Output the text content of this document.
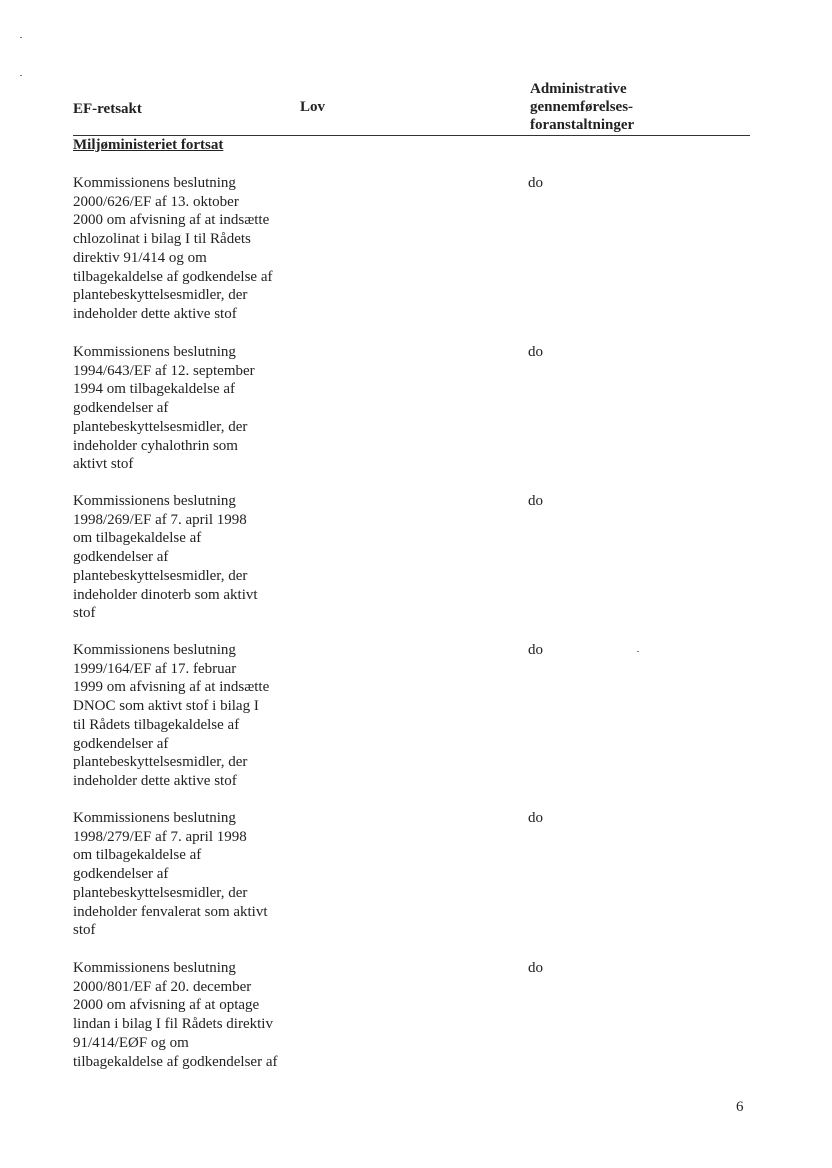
EF-retsakt	Lov
Administrative
gennemførelses-
foranstaltninger
Miljøministeriet fortsat
Kommissionens beslutning
2000/626/EF af 13. oktober
2000 om afvisning af at indsætte
chlozolinat i bilag I til Rådets
direktiv 91/414 og om
tilbagekaldelse af godkendelse af
plantebeskyttelsesmidler, der
indeholder dette aktive stof
do
Kommissionens beslutning
1994/643/EF af 12. september
1994 om tilbagekaldelse af
godkendelser af
plantebeskyttelsesmidler, der
indeholder cyhalothrin som
aktivt stof
do
Kommissionens beslutning
1998/269/EF af 7. april 1998
om tilbagekaldelse af
godkendelser af
plantebeskyttelsesmidler, der
indeholder dinoterb som aktivt
stof
do
Kommissionens beslutning
1999/164/EF af 17. februar
1999 om afvisning af at indsætte
DNOC som aktivt stof i bilag I
til Rådets tilbagekaldelse af
godkendelser af
plantebeskyttelsesmidler, der
indeholder dette aktive stof
do
Kommissionens beslutning
1998/279/EF af 7. april 1998
om tilbagekaldelse af
godkendelser af
plantebeskyttelsesmidler, der
indeholder fenvalerat som aktivt
stof
do
Kommissionens beslutning
2000/801/EF af 20. december
2000 om afvisning af at optage
lindan i bilag I fil Rådets direktiv
91/414/EØF og om
tilbagekaldelse af godkendelser af
do
6
